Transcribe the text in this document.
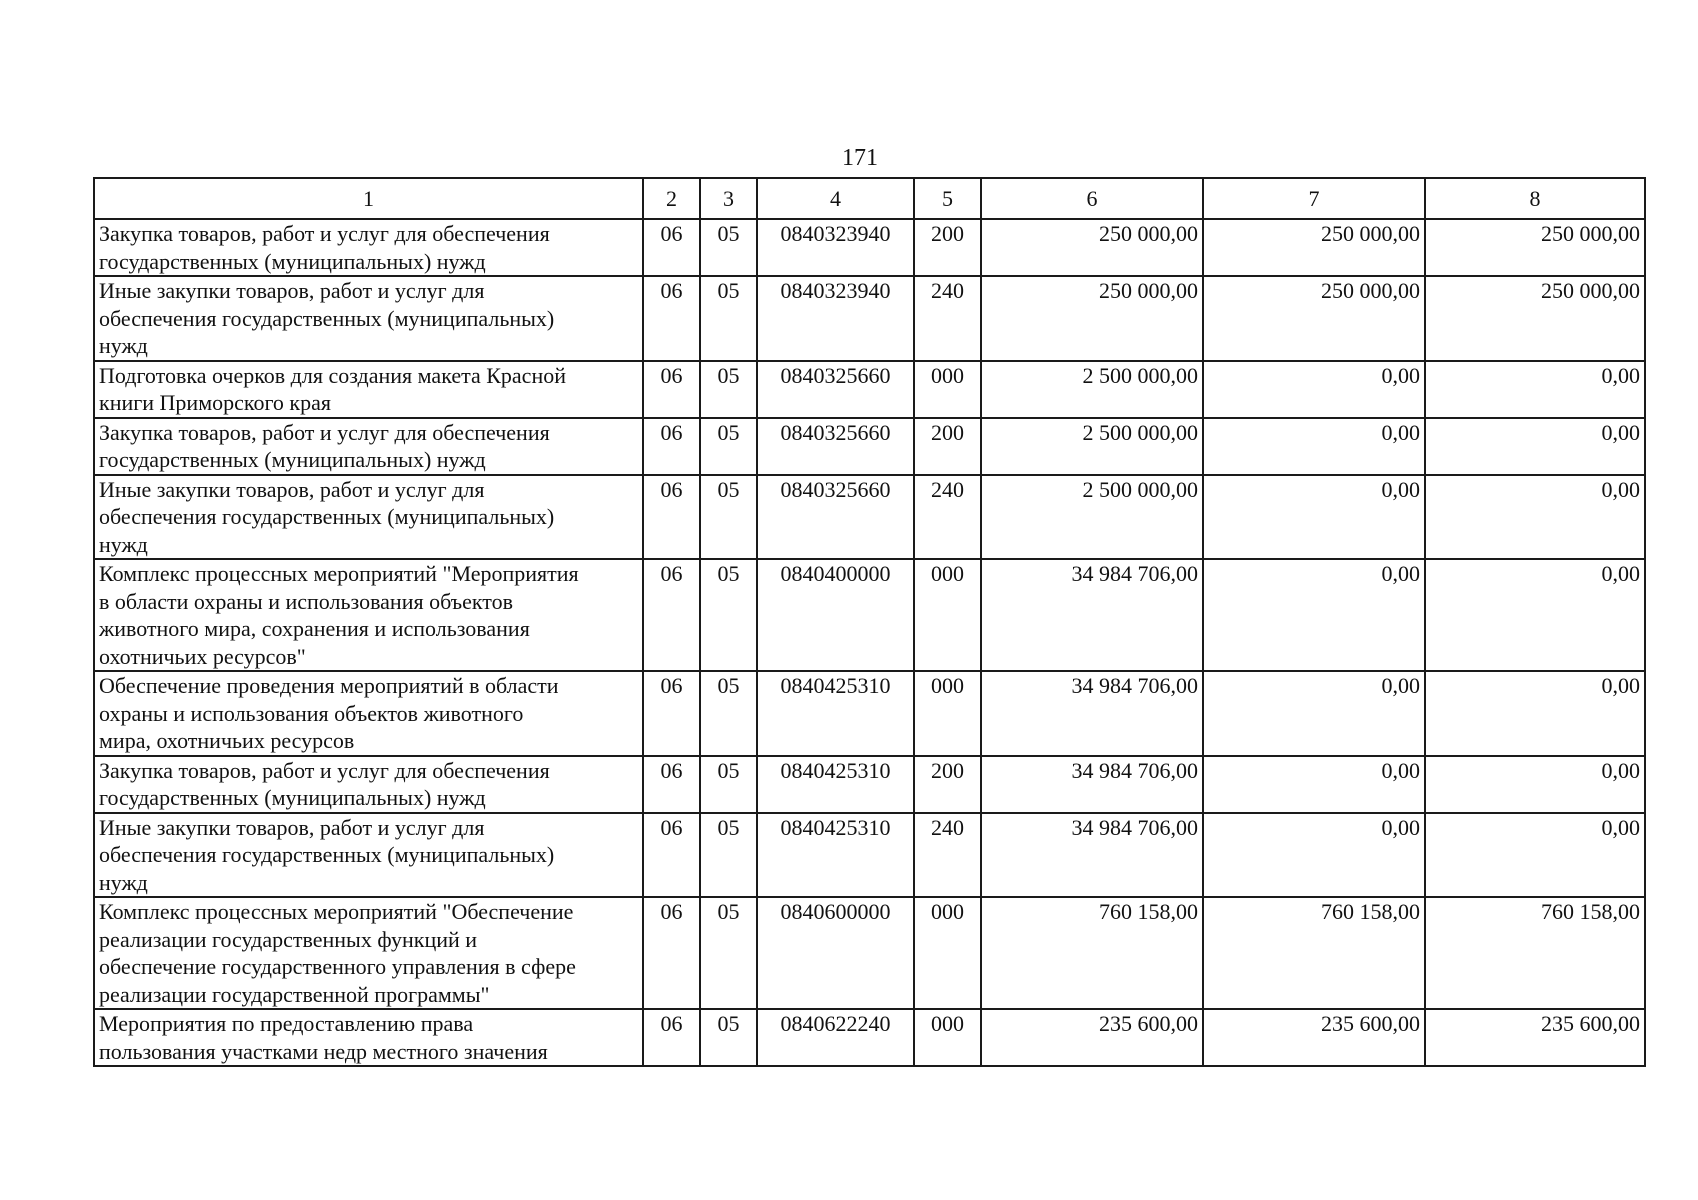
171
1	2	3	4	5	6	7	8

Закупка товаров, работ и услуг для обеспечения
государственных (муниципальных) нужд	06	05	0840323940	200	250 000,00	250 000,00	250 000,00

Иные закупки товаров, работ и услуг для
обеспечения государственных (муниципальных)
нужд	06	05	0840323940	240	250 000,00	250 000,00	250 000,00

Подготовка очерков для создания макета Красной
книги Приморского края	06	05	0840325660	000	2 500 000,00	0,00	0,00

Закупка товаров, работ и услуг для обеспечения
государственных (муниципальных) нужд	06	05	0840325660	200	2 500 000,00	0,00	0,00

Иные закупки товаров, работ и услуг для
обеспечения государственных (муниципальных)
нужд	06	05	0840325660	240	2 500 000,00	0,00	0,00

Комплекс процессных мероприятий "Мероприятия
в области охраны и использования объектов
животного мира, сохранения и использования
охотничьих ресурсов"	06	05	0840400000	000	34 984 706,00	0,00	0,00

Обеспечение проведения мероприятий в области
охраны и использования объектов животного
мира, охотничьих ресурсов	06	05	0840425310	000	34 984 706,00	0,00	0,00

Закупка товаров, работ и услуг для обеспечения
государственных (муниципальных) нужд	06	05	0840425310	200	34 984 706,00	0,00	0,00

Иные закупки товаров, работ и услуг для
обеспечения государственных (муниципальных)
нужд	06	05	0840425310	240	34 984 706,00	0,00	0,00

Комплекс процессных мероприятий "Обеспечение
реализации государственных функций и
обеспечение государственного управления в сфере
реализации государственной программы"	06	05	0840600000	000	760 158,00	760 158,00	760 158,00

Мероприятия по предоставлению права
пользования участками недр местного значения	06	05	0840622240	000	235 600,00	235 600,00	235 600,00
